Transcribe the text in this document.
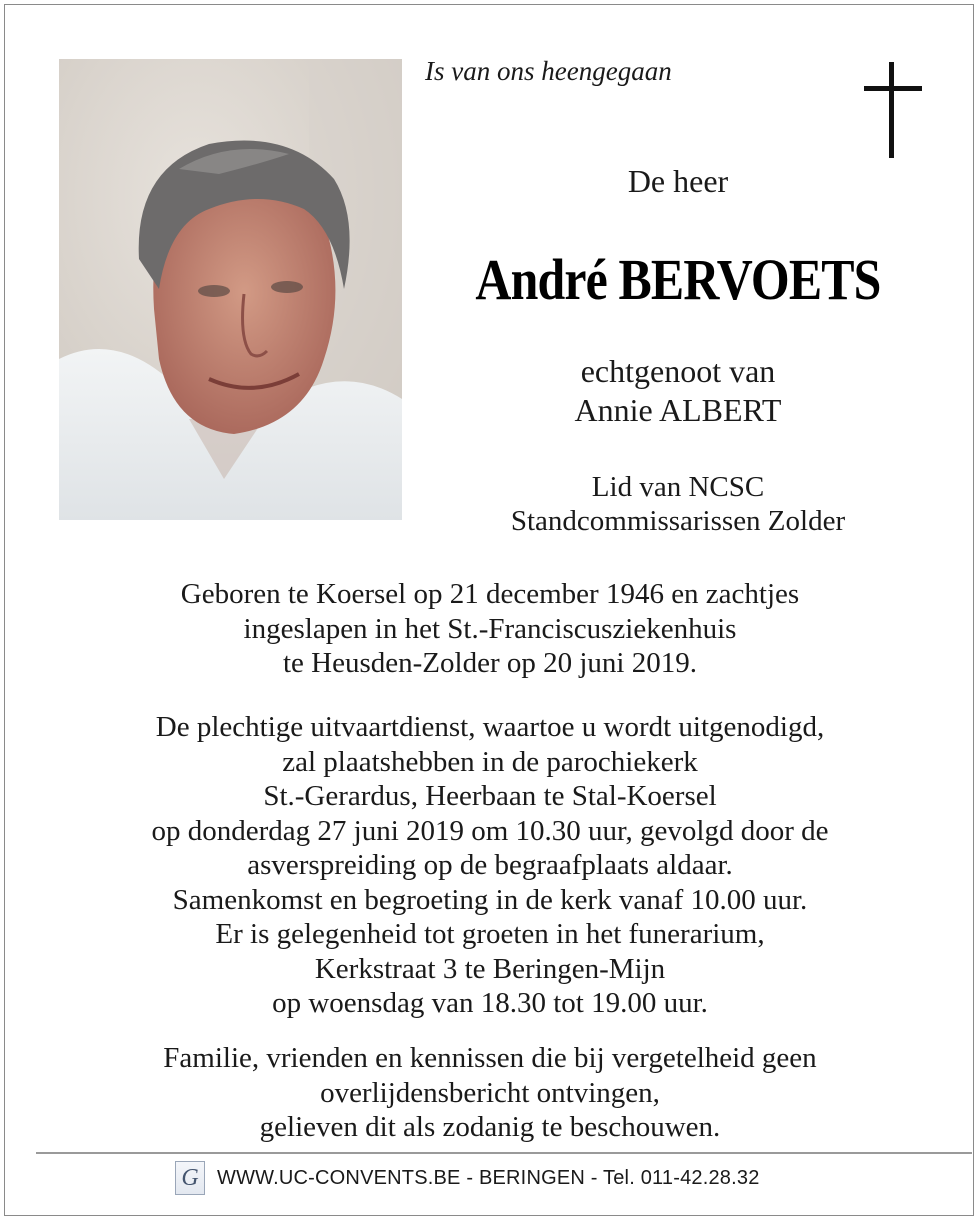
Is van ons heengegaan
De heer
André BERVOETS
echtgenoot van
Annie ALBERT
Lid van NCSC
Standcommissarissen Zolder
Geboren te Koersel op 21 december 1946 en zachtjes
ingeslapen in het St.-Franciscusziekenhuis
te Heusden-Zolder op 20 juni 2019.
De plechtige uitvaartdienst, waartoe u wordt uitgenodigd,
zal plaatshebben in de parochiekerk
St.-Gerardus, Heerbaan te Stal-Koersel
op donderdag 27 juni 2019 om 10.30 uur, gevolgd door de
asverspreiding op de begraafplaats aldaar.
Samenkomst en begroeting in de kerk vanaf 10.00 uur.
Er is gelegenheid tot groeten in het funerarium,
Kerkstraat 3 te Beringen-Mijn
op woensdag van 18.30 tot 19.00 uur.
Familie, vrienden en kennissen die bij vergetelheid geen
overlijdensbericht ontvingen,
gelieven dit als zodanig te beschouwen.
G WWW.UC-CONVENTS.BE - BERINGEN - Tel. 011-42.28.32
